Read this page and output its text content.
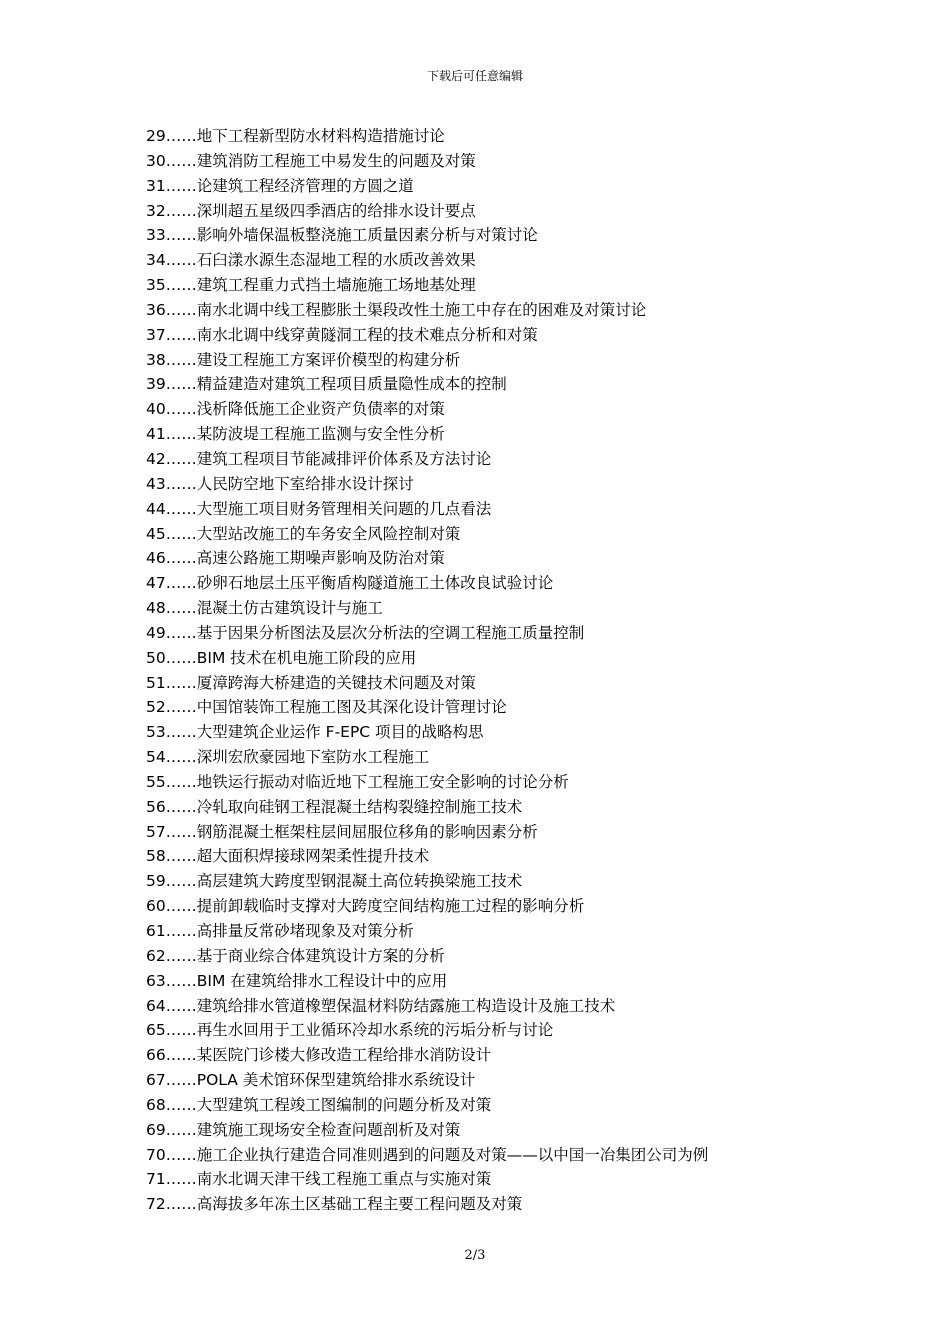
下载后可任意编辑
29……地下工程新型防水材料构造措施讨论
30……建筑消防工程施工中易发生的问题及对策
31……论建筑工程经济管理的方圆之道
32……深圳超五星级四季酒店的给排水设计要点
33……影响外墙保温板整浇施工质量因素分析与对策讨论
34……石臼漾水源生态湿地工程的水质改善效果
35……建筑工程重力式挡土墙施施工场地基处理
36……南水北调中线工程膨胀土渠段改性土施工中存在的困难及对策讨论
37……南水北调中线穿黄隧洞工程的技术难点分析和对策
38……建设工程施工方案评价模型的构建分析
39……精益建造对建筑工程项目质量隐性成本的控制
40……浅析降低施工企业资产负债率的对策
41……某防波堤工程施工监测与安全性分析
42……建筑工程项目节能减排评价体系及方法讨论
43……人民防空地下室给排水设计探讨
44……大型施工项目财务管理相关问题的几点看法
45……大型站改施工的车务安全风险控制对策
46……高速公路施工期噪声影响及防治对策
47……砂卵石地层土压平衡盾构隧道施工土体改良试验讨论
48……混凝土仿古建筑设计与施工
49……基于因果分析图法及层次分析法的空调工程施工质量控制
50……BIM 技术在机电施工阶段的应用
51……厦漳跨海大桥建造的关键技术问题及对策
52……中国馆装饰工程施工图及其深化设计管理讨论
53……大型建筑企业运作 F-EPC 项目的战略构思
54……深圳宏欣豪园地下室防水工程施工
55……地铁运行振动对临近地下工程施工安全影响的讨论分析
56……冷轧取向硅钢工程混凝土结构裂缝控制施工技术
57……钢筋混凝土框架柱层间屈服位移角的影响因素分析
58……超大面积焊接球网架柔性提升技术
59……高层建筑大跨度型钢混凝土高位转换梁施工技术
60……提前卸载临时支撑对大跨度空间结构施工过程的影响分析
61……高排量反常砂堵现象及对策分析
62……基于商业综合体建筑设计方案的分析
63……BIM 在建筑给排水工程设计中的应用
64……建筑给排水管道橡塑保温材料防结露施工构造设计及施工技术
65……再生水回用于工业循环冷却水系统的污垢分析与讨论
66……某医院门诊楼大修改造工程给排水消防设计
67……POLA 美术馆环保型建筑给排水系统设计
68……大型建筑工程竣工图编制的问题分析及对策
69……建筑施工现场安全检查问题剖析及对策
70……施工企业执行建造合同准则遇到的问题及对策——以中国一冶集团公司为例
71……南水北调天津干线工程施工重点与实施对策
72……高海拔多年冻土区基础工程主要工程问题及对策
2/3
